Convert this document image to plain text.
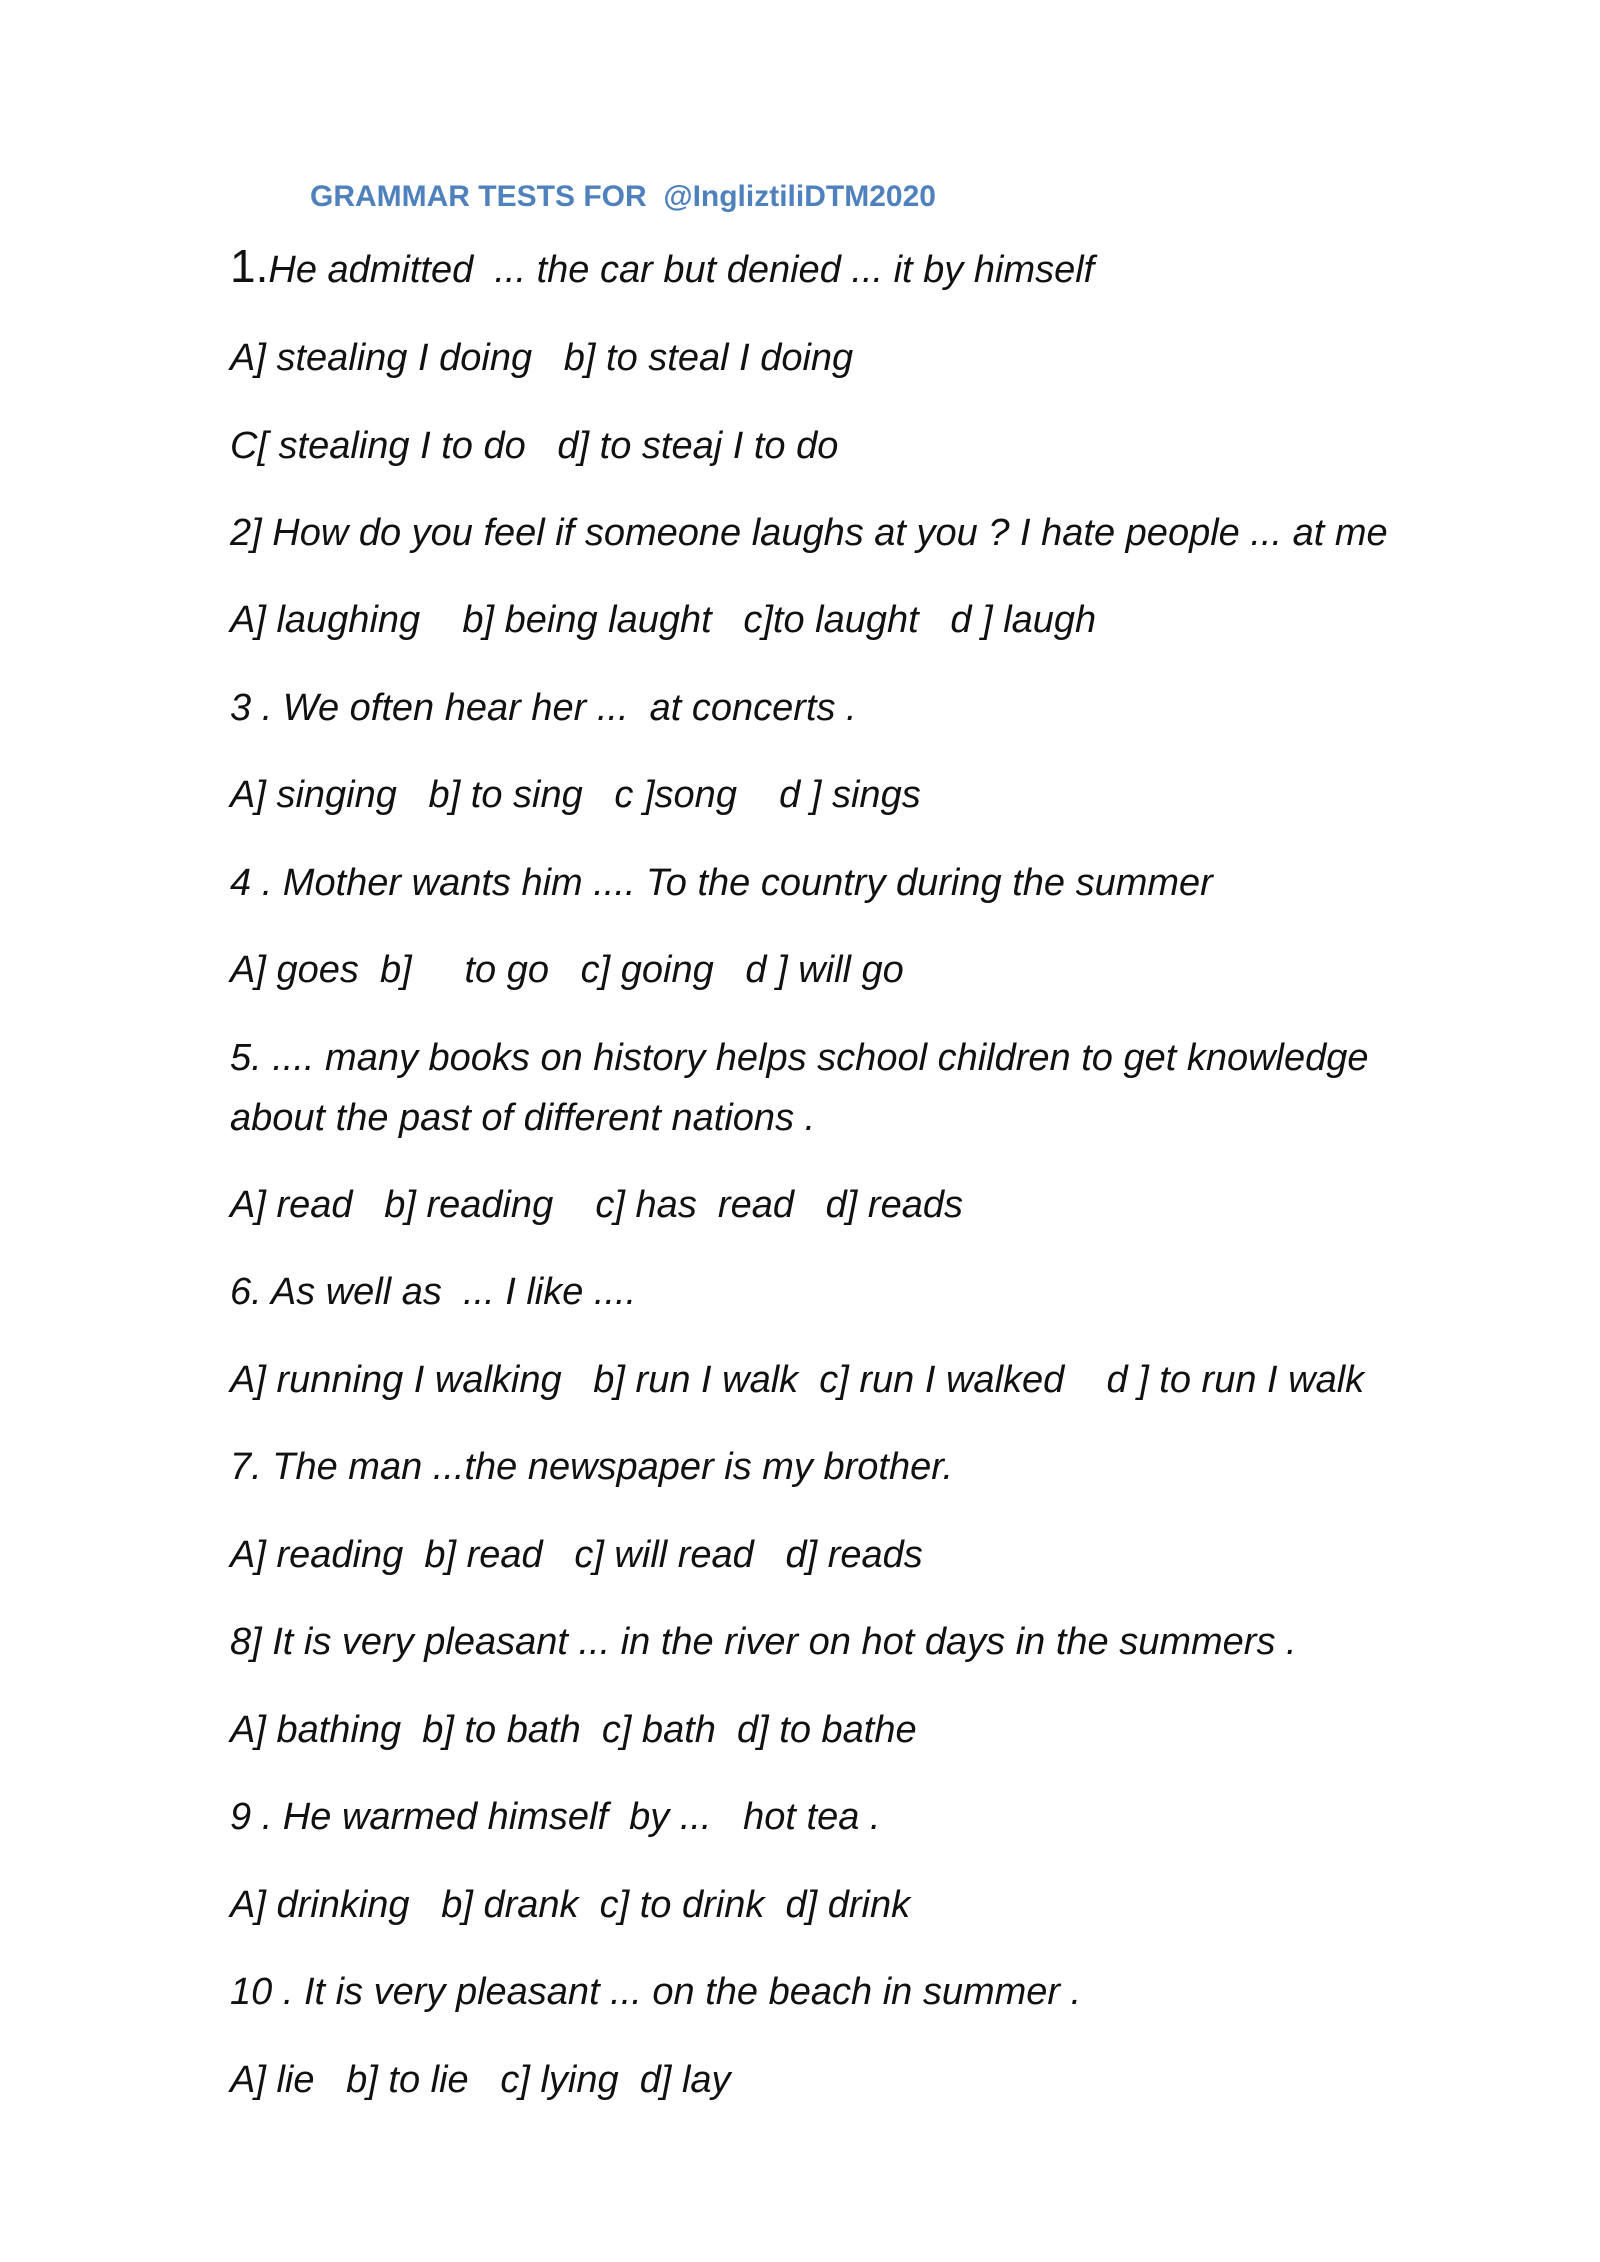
GRAMMAR TESTS FOR  @IngliztiliDTM2020
1.He admitted  ... the car but denied ... it by himself
A] stealing I doing   b] to steal I doing
C[ stealing I to do   d] to steaj I to do
2] How do you feel if someone laughs at you ? I hate people ... at me
A] laughing    b] being laught   c]to laught   d ] laugh
3 . We often hear her ...  at concerts .
A] singing   b] to sing   c ]song    d ] sings
4 . Mother wants him .... To the country during the summer
A] goes  b]     to go   c] going   d ] will go
5. .... many books on history helps school children to get knowledge about the past of different nations .
A] read   b] reading    c] has  read   d] reads
6. As well as  ... I like ....
A] running I walking   b] run I walk  c] run I walked    d ] to run I walk
7. The man ...the newspaper is my brother.
A] reading  b] read   c] will read   d] reads
8] It is very pleasant ... in the river on hot days in the summers .
A] bathing  b] to bath  c] bath  d] to bathe
9 . He warmed himself  by ...   hot tea .
A] drinking   b] drank  c] to drink  d] drink
10 . It is very pleasant ... on the beach in summer .
A] lie   b] to lie   c] lying  d] lay
